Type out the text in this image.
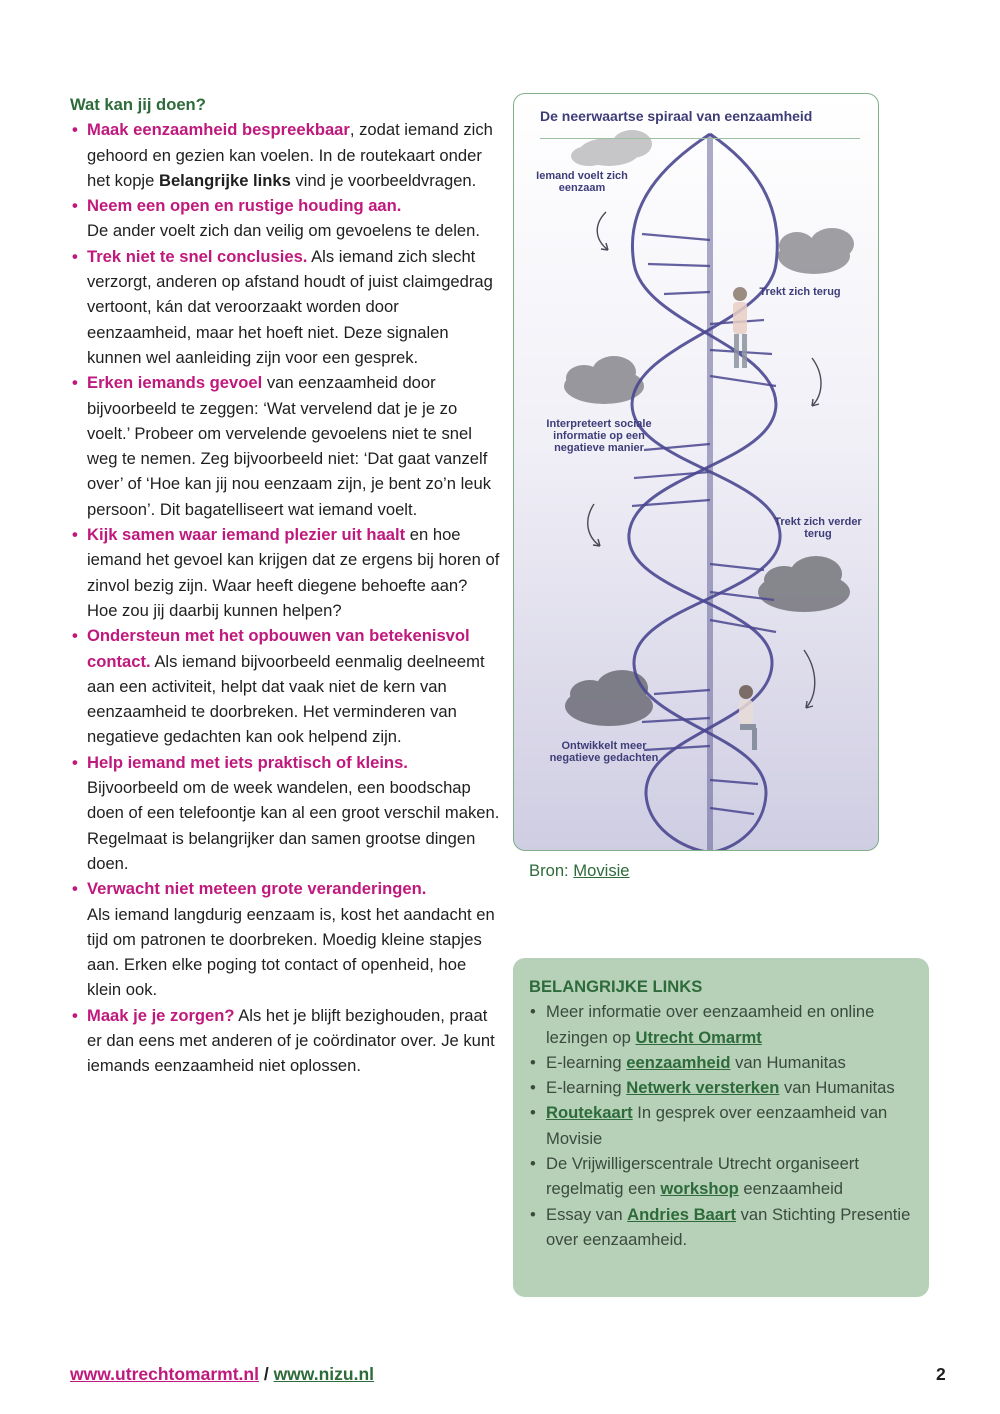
Wat kan jij doen?
• Maak eenzaamheid bespreekbaar, zodat iemand zich gehoord en gezien kan voelen. In de routekaart onder het kopje Belangrijke links vind je voorbeeldvragen.
• Neem een open en rustige houding aan.
De ander voelt zich dan veilig om gevoelens te delen.
• Trek niet te snel conclusies. Als iemand zich slecht verzorgt, anderen op afstand houdt of juist claimgedrag vertoont, kán dat veroorzaakt worden door eenzaamheid, maar het hoeft niet. Deze signalen kunnen wel aanleiding zijn voor een gesprek.
• Erken iemands gevoel van eenzaamheid door bijvoorbeeld te zeggen: ‘Wat vervelend dat je je zo voelt.’ Probeer om vervelende gevoelens niet te snel weg te nemen. Zeg bijvoorbeeld niet: ‘Dat gaat vanzelf over’ of ‘Hoe kan jij nou eenzaam zijn, je bent zo’n leuk persoon’. Dit bagatelliseert wat iemand voelt.
• Kijk samen waar iemand plezier uit haalt en hoe iemand het gevoel kan krijgen dat ze ergens bij horen of zinvol bezig zijn. Waar heeft diegene behoefte aan? Hoe zou jij daarbij kunnen helpen?
• Ondersteun met het opbouwen van betekenisvol contact. Als iemand bijvoorbeeld eenmalig deelneemt aan een activiteit, helpt dat vaak niet de kern van eenzaamheid te doorbreken. Het verminderen van negatieve gedachten kan ook helpend zijn.
• Help iemand met iets praktisch of kleins.
Bijvoorbeeld om de week wandelen, een boodschap doen of een telefoontje kan al een groot verschil maken. Regelmaat is belangrijker dan samen grootse dingen doen.
• Verwacht niet meteen grote veranderingen.
Als iemand langdurig eenzaam is, kost het aandacht en tijd om patronen te doorbreken. Moedig kleine stapjes aan. Erken elke poging tot contact of openheid, hoe klein ook.
• Maak je je zorgen? Als het je blijft bezighouden, praat er dan eens met anderen of je coördinator over. Je kunt iemands eenzaamheid niet oplossen.
De neerwaartse spiraal van eenzaamheid
Iemand voelt zich eenzaam
Trekt zich terug
Interpreteert sociale informatie op een negatieve manier
Trekt zich verder terug
Ontwikkelt meer negatieve gedachten
Bron: Movisie
BELANGRIJKE LINKS
• Meer informatie over eenzaamheid en online lezingen op Utrecht Omarmt
• E-learning eenzaamheid van Humanitas
• E-learning Netwerk versterken van Humanitas
• Routekaart In gesprek over eenzaamheid van Movisie
• De Vrijwilligerscentrale Utrecht organiseert regelmatig een workshop eenzaamheid
• Essay van Andries Baart van Stichting Presentie over eenzaamheid.
www.utrechtomarmt.nl / www.nizu.nl	2
